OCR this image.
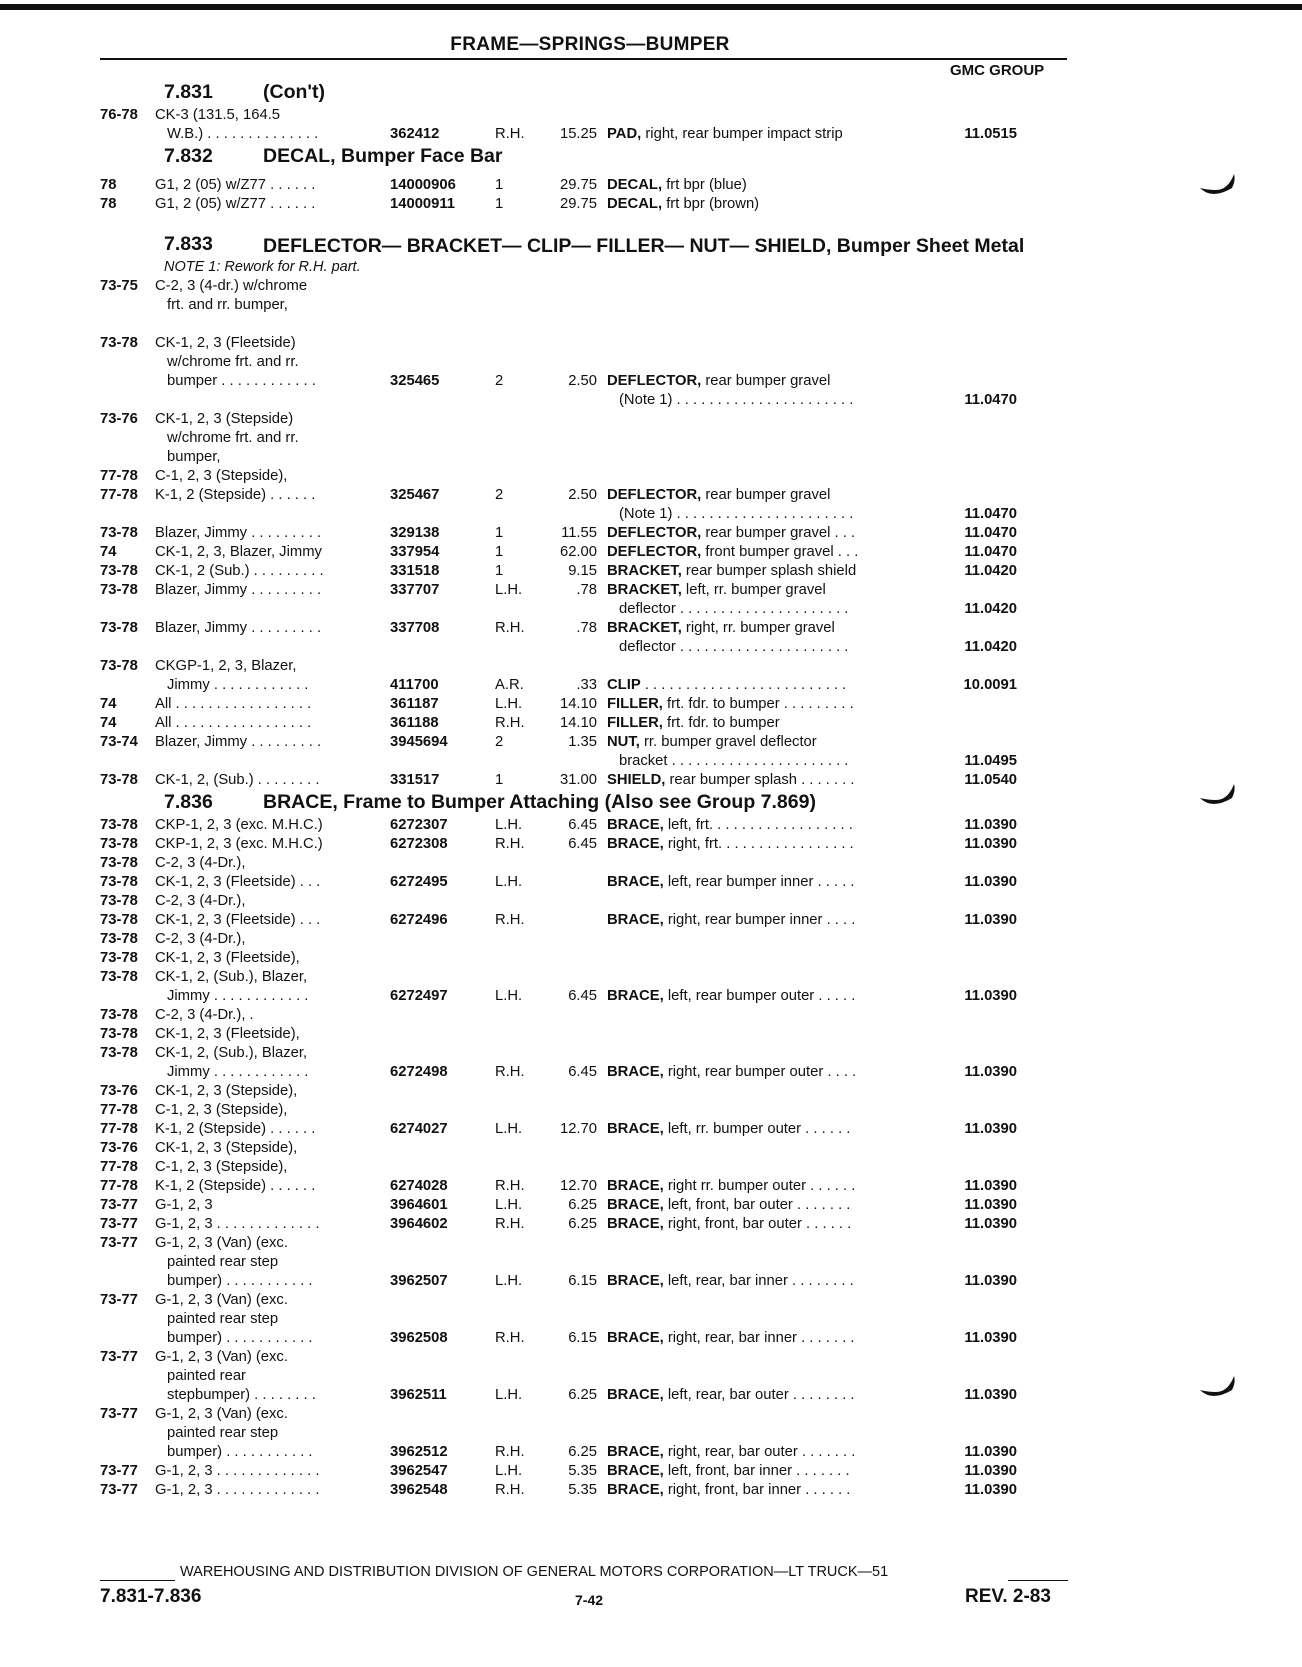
FRAME—SPRINGS—BUMPER
GMC GROUP
7.831	(Con't)
76-78	CK-3 (131.5, 164.5
W.B.) . . . . . . . . . . . . . .	362412	R.H.	15.25 PAD, right, rear bumper impact strip	11.0515
7.832	DECAL, Bumper Face Bar
78	G1, 2 (05) w/Z77 . . . . . .	14000906	1	29.75 DECAL, frt bpr (blue)
78	G1, 2 (05) w/Z77 . . . . . .	14000911	1	29.75 DECAL, frt bpr (brown)
7.833	DEFLECTOR— BRACKET— CLIP— FILLER— NUT— SHIELD, Bumper Sheet Metal
NOTE 1: Rework for R.H. part.
73-75	C-2, 3 (4-dr.) w/chrome
frt. and rr. bumper,
73-78	CK-1, 2, 3 (Fleetside)
w/chrome frt. and rr.
bumper . . . . . . . . . . . .	325465	2	2.50 DEFLECTOR, rear bumper gravel
(Note 1) . . . . . . . . . . . . . . . . . . . . . .	11.0470
73-76	CK-1, 2, 3 (Stepside)
w/chrome frt. and rr.
bumper,
77-78	C-1, 2, 3 (Stepside),
77-78	K-1, 2 (Stepside) . . . . . .	325467	2	2.50 DEFLECTOR, rear bumper gravel
(Note 1) . . . . . . . . . . . . . . . . . . . . . .	11.0470
73-78	Blazer, Jimmy . . . . . . . . .	329138	1	11.55 DEFLECTOR, rear bumper gravel . . .	11.0470
74	CK-1, 2, 3, Blazer, Jimmy	337954	1	62.00 DEFLECTOR, front bumper gravel . . .	11.0470
73-78	CK-1, 2 (Sub.) . . . . . . . . .	331518	1	9.15 BRACKET, rear bumper splash shield	11.0420
73-78	Blazer, Jimmy . . . . . . . . .	337707	L.H.	.78 BRACKET, left, rr. bumper gravel
deflector . . . . . . . . . . . . . . . . . . . . .	11.0420
73-78	Blazer, Jimmy . . . . . . . . .	337708	R.H.	.78 BRACKET, right, rr. bumper gravel
deflector . . . . . . . . . . . . . . . . . . . . .	11.0420
73-78	CKGP-1, 2, 3, Blazer,
Jimmy . . . . . . . . . . . .	411700	A.R.	.33 CLIP . . . . . . . . . . . . . . . . . . . . . . . . .	10.0091
74	All . . . . . . . . . . . . . . . . .	361187	L.H.	14.10 FILLER, frt. fdr. to bumper . . . . . . . . .
74	All . . . . . . . . . . . . . . . . .	361188	R.H.	14.10 FILLER, frt. fdr. to bumper
73-74	Blazer, Jimmy . . . . . . . . .	3945694	2	1.35 NUT, rr. bumper gravel deflector
bracket . . . . . . . . . . . . . . . . . . . . . .	11.0495
73-78	CK-1, 2, (Sub.) . . . . . . . .	331517	1	31.00 SHIELD, rear bumper splash . . . . . . .	11.0540
7.836	BRACE, Frame to Bumper Attaching (Also see Group 7.869)
73-78	CKP-1, 2, 3 (exc. M.H.C.)	6272307	L.H.	6.45 BRACE, left, frt. . . . . . . . . . . . . . . . . .	11.0390
73-78	CKP-1, 2, 3 (exc. M.H.C.)	6272308	R.H.	6.45 BRACE, right, frt. . . . . . . . . . . . . . . . .	11.0390
73-78	C-2, 3 (4-Dr.),
73-78	CK-1, 2, 3 (Fleetside) . . .	6272495	L.H.	BRACE, left, rear bumper inner . . . . .	11.0390
73-78	C-2, 3 (4-Dr.),
73-78	CK-1, 2, 3 (Fleetside) . . .	6272496	R.H.	BRACE, right, rear bumper inner . . . .	11.0390
73-78	C-2, 3 (4-Dr.),
73-78	CK-1, 2, 3 (Fleetside),
73-78	CK-1, 2, (Sub.), Blazer,
Jimmy . . . . . . . . . . . .	6272497	L.H.	6.45 BRACE, left, rear bumper outer . . . . .	11.0390
73-78	C-2, 3 (4-Dr.), .
73-78	CK-1, 2, 3 (Fleetside),
73-78	CK-1, 2, (Sub.), Blazer,
Jimmy . . . . . . . . . . . .	6272498	R.H.	6.45 BRACE, right, rear bumper outer . . . .	11.0390
73-76	CK-1, 2, 3 (Stepside),
77-78	C-1, 2, 3 (Stepside),
77-78	K-1, 2 (Stepside) . . . . . .	6274027	L.H.	12.70 BRACE, left, rr. bumper outer . . . . . .	11.0390
73-76	CK-1, 2, 3 (Stepside),
77-78	C-1, 2, 3 (Stepside),
77-78	K-1, 2 (Stepside) . . . . . .	6274028	R.H.	12.70 BRACE, right rr. bumper outer . . . . . .	11.0390
73-77	G-1, 2, 3	3964601	L.H.	6.25 BRACE, left, front, bar outer . . . . . . .	11.0390
73-77	G-1, 2, 3 . . . . . . . . . . . . .	3964602	R.H.	6.25 BRACE, right, front, bar outer . . . . . .	11.0390
73-77	G-1, 2, 3 (Van) (exc.
painted rear step
bumper) . . . . . . . . . . .	3962507	L.H.	6.15 BRACE, left, rear, bar inner . . . . . . . .	11.0390
73-77	G-1, 2, 3 (Van) (exc.
painted rear step
bumper) . . . . . . . . . . .	3962508	R.H.	6.15 BRACE, right, rear, bar inner . . . . . . .	11.0390
73-77	G-1, 2, 3 (Van) (exc.
painted rear
stepbumper) . . . . . . . .	3962511	L.H.	6.25 BRACE, left, rear, bar outer . . . . . . . .	11.0390
73-77	G-1, 2, 3 (Van) (exc.
painted rear step
bumper) . . . . . . . . . . .	3962512	R.H.	6.25 BRACE, right, rear, bar outer . . . . . . .	11.0390
73-77	G-1, 2, 3 . . . . . . . . . . . . .	3962547	L.H.	5.35 BRACE, left, front, bar inner . . . . . . .	11.0390
73-77	G-1, 2, 3 . . . . . . . . . . . . .	3962548	R.H.	5.35 BRACE, right, front, bar inner . . . . . .	11.0390
WAREHOUSING AND DISTRIBUTION DIVISION OF GENERAL MOTORS CORPORATION—LT TRUCK—51
7.831-7.836	7-42	REV. 2-83
